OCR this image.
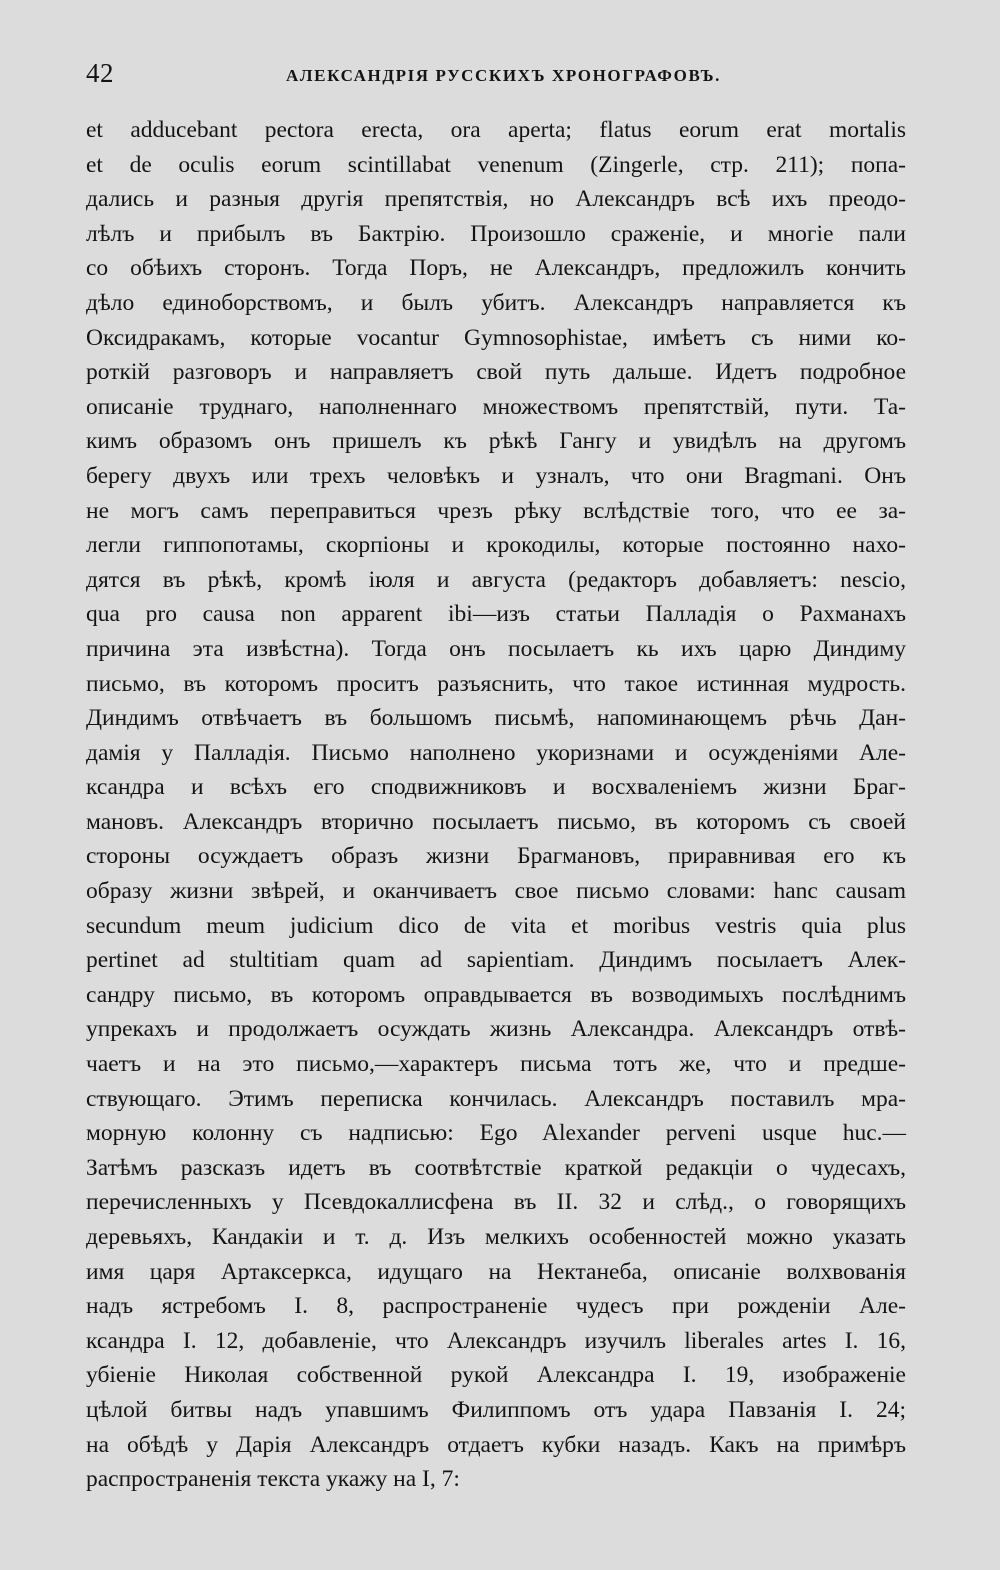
42	АЛЕКСАНДРІЯ РУССКИХЪ ХРОНОГРАФОВЪ.
et adducebant pectora erecta, ora aperta; flatus eorum erat mortalis
et de oculis eorum scintillabat venenum (Zingerle, стр. 211); попа-
дались и разныя другія препятствія, но Александръ всѣ ихъ преодо-
лѣлъ и прибылъ въ Бактрію. Произошло сраженіе, и многіе пали
со обѣихъ сторонъ. Тогда Поръ, не Александръ, предложилъ кончить
дѣло единоборствомъ, и былъ убитъ. Александръ направляется къ
Оксидракамъ, которые vocantur Gymnosophistae, имѣетъ съ ними ко-
роткій разговоръ и направляетъ свой путь дальше. Идетъ подробное
описаніе труднаго, наполненнаго множествомъ препятствій, пути. Та-
кимъ образомъ онъ пришелъ къ рѣкѣ Гангу и увидѣлъ на другомъ
берегу двухъ или трехъ человѣкъ и узналъ, что они Bragmani. Онъ
не могъ самъ переправиться чрезъ рѣку вслѣдствіе того, что ее за-
легли гиппопотамы, скорпіоны и крокодилы, которые постоянно нахо-
дятся въ рѣкѣ, кромѣ іюля и августа (редакторъ добавляетъ: nescio,
qua pro causa non apparent ibi—изъ статьи Палладія о Рахманахъ
причина эта извѣстна). Тогда онъ посылаетъ кь ихъ царю Диндиму
письмо, въ которомъ проситъ разъяснить, что такое истинная мудрость.
Диндимъ отвѣчаетъ въ большомъ письмѣ, напоминающемъ рѣчь Дан-
дамія у Палладія. Письмо наполнено укоризнами и осужденіями Але-
ксандра и всѣхъ его сподвижниковъ и восхваленіемъ жизни Браг-
мановъ. Александръ вторично посылаетъ письмо, въ которомъ съ своей
стороны осуждаетъ образъ жизни Брагмановъ, приравнивая его къ
образу жизни звѣрей, и оканчиваетъ свое письмо словами: hanc causam
secundum meum judicium dico de vita et moribus vestris quia plus
pertinet ad stultitiam quam ad sapientiam. Диндимъ посылаетъ Алек-
сандру письмо, въ которомъ оправдывается въ возводимыхъ послѣднимъ
упрекахъ и продолжаетъ осуждать жизнь Александра. Александръ отвѣ-
чаетъ и на это письмо,—характеръ письма тотъ же, что и предше-
ствующаго. Этимъ переписка кончилась. Александръ поставилъ мра-
морную колонну съ надписью: Ego Alexander perveni usque huc.—
Затѣмъ разсказъ идетъ въ соотвѣтствіе краткой редакціи о чудесахъ,
перечисленныхъ у Псевдокаллисфена въ II. 32 и слѣд., о говорящихъ
деревьяхъ, Кандакіи и т. д. Изъ мелкихъ особенностей можно указать
имя царя Артаксеркса, идущаго на Нектанеба, описаніе волхвованія
надъ ястребомъ I. 8, распространеніе чудесъ при рожденіи Але-
ксандра I. 12, добавленіе, что Александръ изучилъ liberales artes I. 16,
убіеніе Николая собственной рукой Александра I. 19, изображеніе
цѣлой битвы надъ упавшимъ Филиппомъ отъ удара Павзанія I. 24;
на обѣдѣ у Дарія Александръ отдаетъ кубки назадъ. Какъ на примѣръ
распространенія текста укажу на I, 7:
